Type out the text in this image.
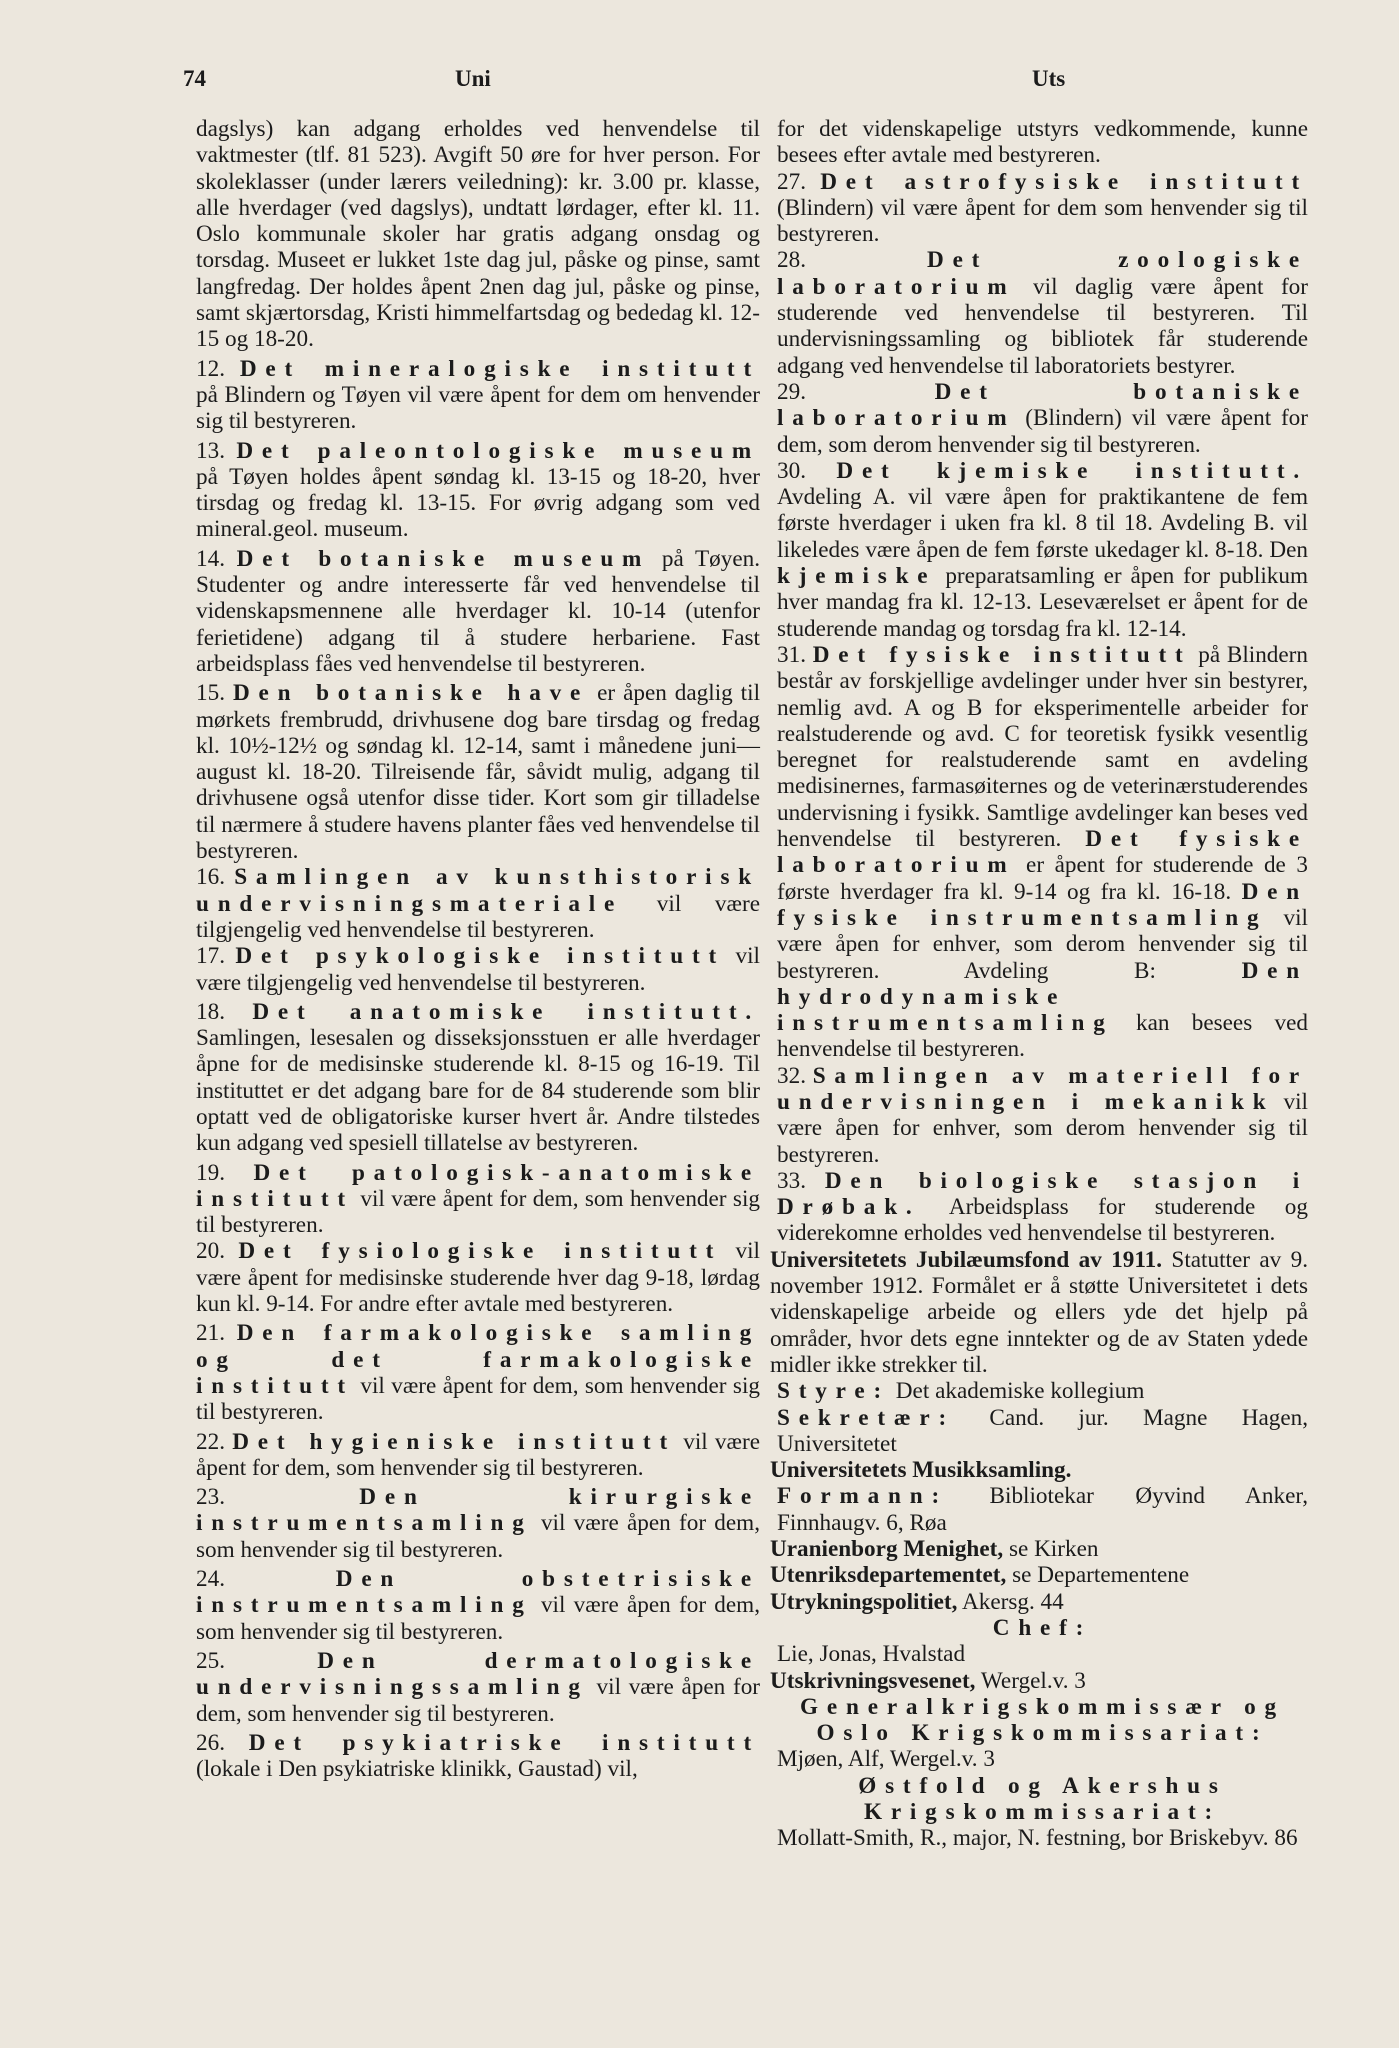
74	Uni	Uts

dagslys) kan adgang erholdes ved henvendelse til vaktmester (tlf. 81 523). Avgift 50 øre for hver person. For skoleklasser (under lærers veiledning): kr. 3.00 pr. klasse, alle hverdager (ved dagslys), undtatt lørdager, efter kl. 11. Oslo kommunale skoler har gratis adgang onsdag og torsdag. Museet er lukket 1ste dag jul, påske og pinse, samt langfredag. Der holdes åpent 2nen dag jul, påske og pinse, samt skjærtorsdag, Kristi himmelfartsdag og bededag kl. 12-15 og 18-20.

12. Det mineralogiske institutt på Blindern og Tøyen vil være åpent for dem om henvender sig til bestyreren.

13. Det paleontologiske museum på Tøyen holdes åpent søndag kl. 13-15 og 18-20, hver tirsdag og fredag kl. 13-15. For øvrig adgang som ved mineral.geol. museum.

14. Det botaniske museum på Tøyen. Studenter og andre interesserte får ved henvendelse til videnskapsmennene alle hverdager kl. 10-14 (utenfor ferietidene) adgang til å studere herbariene. Fast arbeidsplass fåes ved henvendelse til bestyreren.

15. Den botaniske have er åpen daglig til mørkets frembrudd, drivhusene dog bare tirsdag og fredag kl. 10½-12½ og søndag kl. 12-14, samt i månedene juni—august kl. 18-20. Tilreisende får, såvidt mulig, adgang til drivhusene også utenfor disse tider. Kort som gir tilladelse til nærmere å studere havens planter fåes ved henvendelse til bestyreren.

16. Samlingen av kunsthistorisk undervisningsmateriale vil være tilgjengelig ved henvendelse til bestyreren.

17. Det psykologiske institutt vil være tilgjengelig ved henvendelse til bestyreren.

18. Det anatomiske institutt. Samlingen, lesesalen og disseksjonsstuen er alle hverdager åpne for de medisinske studerende kl. 8-15 og 16-19. Til instituttet er det adgang bare for de 84 studerende som blir optatt ved de obligatoriske kurser hvert år. Andre tilstedes kun adgang ved spesiell tillatelse av bestyreren.

19. Det patologisk-anatomiske institutt vil være åpent for dem, som henvender sig til bestyreren.

20. Det fysiologiske institutt vil være åpent for medisinske studerende hver dag 9-18, lørdag kun kl. 9-14. For andre efter avtale med bestyreren.

21. Den farmakologiske samling og det farmakologiske institutt vil være åpent for dem, som henvender sig til bestyreren.

22. Det hygieniske institutt vil være åpent for dem, som henvender sig til bestyreren.

23.	Den kirurgiske instrumentsamling vil være åpen for dem, som henvender sig til bestyreren.

24.	Den obstetrisiske instrumentsamling vil være åpen for dem, som henvender sig til bestyreren.

25.	Den dermatologiske undervisningssamling vil være åpen for dem, som henvender sig til bestyreren.

26. Det psykiatriske institutt (lokale i Den psykiatriske klinikk, Gaustad) vil,

for det videnskapelige utstyrs vedkommende, kunne besees efter avtale med bestyreren.

27. Det astrofysiske institutt (Blindern) vil være åpent for dem som henvender sig til bestyreren.

28.	Det zoologiske laboratorium vil daglig være åpent for studerende ved henvendelse til bestyreren. Til undervisningssamling og bibliotek får studerende adgang ved henvendelse til laboratoriets bestyrer.

29.	Det botaniske laboratorium (Blindern) vil være åpent for dem, som derom henvender sig til bestyreren.

30. Det kjemiske institutt. Avdeling A. vil være åpen for praktikantene de fem første hverdager i uken fra kl. 8 til 18. Avdeling B. vil likeledes være åpen de fem første ukedager kl. 8-18. Den kjemiske preparatsamling er åpen for publikum hver mandag fra kl. 12-13. Leseværelset er åpent for de studerende mandag og torsdag fra kl. 12-14.

31. Det fysiske institutt på Blindern består av forskjellige avdelinger under hver sin bestyrer, nemlig avd. A og B for eksperimentelle arbeider for realstuderende og avd. C for teoretisk fysikk vesentlig beregnet for realstuderende samt en avdeling medisinernes, farmasøiternes og de veterinærstuderendes undervisning i fysikk. Samtlige avdelinger kan beses ved henvendelse til bestyreren. Det fysiske laboratorium er åpent for studerende de 3 første hverdager fra kl. 9-14 og fra kl. 16-18. Den fysiske instrumentsamling vil være åpen for enhver, som derom henvender sig til bestyreren. Avdeling B:	Den hydrodynamiske instrumentsamling kan besees ved henvendelse til bestyreren.

32. Samlingen av materiell for undervisningen i mekanikk vil være åpen for enhver, som derom henvender sig til bestyreren.

33. Den biologiske stasjon i Drøbak. Arbeidsplass for studerende og viderekomne erholdes ved henvendelse til bestyreren.

Universitetets Jubilæumsfond av 1911. Statutter av 9. november 1912. Formålet er å støtte Universitetet i dets videnskapelige arbeide og ellers yde det hjelp på områder, hvor dets egne inntekter og de av Staten ydede midler ikke strekker til.

Styre: Det akademiske kollegium

Sekretær: Cand. jur. Magne Hagen, Universitetet

Universitetets Musikksamling.

Formann: Bibliotekar Øyvind Anker, Finnhaugv. 6, Røa

Uranienborg Menighet, se Kirken

Utenriksdepartementet, se Departementene

Utrykningspolitiet, Akersg. 44

Chef:

Lie, Jonas, Hvalstad

Utskrivningsvesenet, Wergel.v. 3

Generalkrigskommissær og

Oslo Krigskommissariat:

Mjøen, Alf, Wergel.v. 3

Østfold og Akershus

Krigskommissariat:

Mollatt-Smith, R., major, N. festning, bor Briskebyv. 86
